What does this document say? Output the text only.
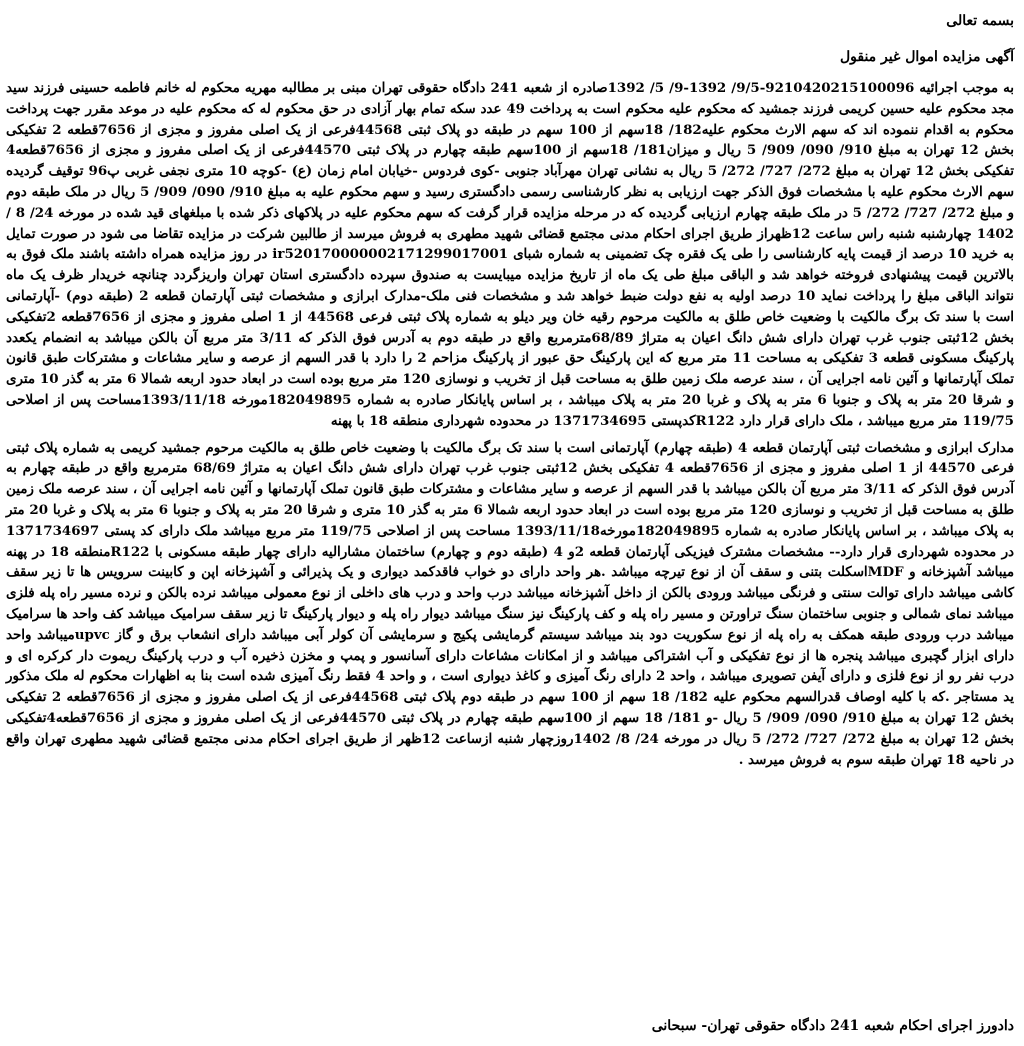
بسمه تعالی

آگهی مزایده اموال غیر منقول

به موجب اجرائیه 9210420215100096-9/5/ 1392-9/ 5/ 1392صادره از شعبه 241 دادگاه حقوقی تهران مبنی بر مطالبه مهریه محکوم له خانم فاطمه حسینی فرزند سید مجد محکوم علیه حسین کریمی فرزند جمشید که محکوم علیه محکوم است به پرداخت 49 عدد سکه تمام بهار آزادی در حق محکوم له که محکوم علیه در موعد مقرر جهت پرداخت محکوم به اقدام ننموده اند که سهم الارث محکوم علیه182/ 18سهم از 100 سهم در طبقه دو پلاک ثبتی 44568فرعی از یک اصلی مفروز و مجزی از 7656قطعه 2 تفکیکی بخش 12 تهران به مبلغ 910/ 090/ 909/ 5 ریال و میزان181/ 18سهم از 100سهم طبقه چهارم در پلاک ثبتی 44570فرعی از یک اصلی مفروز و مجزی از 7656قطعه4 تفکیکی بخش 12 تهران به مبلغ 272/ 727/ 272/ 5 ریال به نشانی تهران مهرآباد جنوبی -کوی فردوس -خیابان امام زمان (ع) -کوچه 10 متری نجفی غربی پ96 توقیف گردیده سهم الارث محکوم علیه با مشخصات فوق الذکر جهت ارزیابی به نظر کارشناسی رسمی دادگستری رسید و سهم محکوم علیه به مبلغ 910/ 090/ 909/ 5 ریال در ملک طبقه دوم و مبلغ 272/ 727/ 272/ 5 در ملک طبقه چهارم ارزیابی گردیده که در مرحله مزایده قرار گرفت که سهم محکوم علیه در پلاکهای ذکر شده با مبلغهای قید شده در مورخه 24/ 8 / 1402 چهارشنبه شنبه راس ساعت 12ظهراز طریق اجرای احکام مدنی مجتمع قضائی شهید مطهری به فروش میرسد از طالبین شرکت در مزایده تقاضا می شود در صورت تمایل به خرید 10 درصد از قیمت پایه کارشناسی را طی یک فقره چک تضمینی به شماره شبای ir520170000002171299017001 در روز مزایده همراه داشته باشند ملک فوق به بالاترین قیمت پیشنهادی فروخته خواهد شد و الباقی مبلغ طی یک ماه از تاریخ مزایده میبایست به صندوق سپرده دادگستری استان تهران واریزگردد چنانچه خریدار ظرف یک ماه نتواند الباقی مبلغ را پرداخت نماید 10 درصد اولیه به نفع دولت ضبط خواهد شد و مشخصات فنی ملک-مدارک ابرازی و مشخصات ثبتی آپارتمان قطعه 2 (طبقه دوم) -آپارتمانی است با سند تک برگ مالکیت با وضعیت خاص طلق به مالکیت مرحوم رقیه خان ویر دیلو به شماره پلاک ثبتی فرعی 44568 از 1 اصلی مفروز و مجزی از 7656قطعه 2تفکیکی بخش 12ثبتی جنوب غرب تهران دارای شش دانگ اعیان به متراژ 68/89مترمربع واقع در طبقه دوم به آدرس فوق الذکر که 3/11 متر مربع آن بالکن میباشد به انضمام یکعدد پارکینگ مسکونی قطعه 3 تفکیکی به مساحت 11 متر مربع که این پارکینگ حق عبور از پارکینگ مزاحم 2 را دارد با قدر السهم از عرصه و سایر مشاعات و مشترکات طبق قانون تملک آپارتمانها و آئین نامه اجرایی آن ، سند عرصه ملک زمین طلق به مساحت قبل از تخریب و نوسازی 120 متر مربع بوده است در ابعاد حدود اربعه شمالا 6 متر به گذر 10 متری و شرقا 20 متر به پلاک و جنوبا 6 متر به پلاک و غربا 20 متر به پلاک میباشد ، بر اساس پایانکار صادره به شماره 182049895مورخه 1393/11/18مساحت پس از اصلاحی 119/75 متر مربع میباشد ، ملک دارای قرار دارد R122کدپستی 1371734695 در محدوده شهرداری منطقه 18 با پهنه

مدارک ابرازی و مشخصات ثبتی آپارتمان قطعه 4 (طبقه چهارم) آپارتمانی است با سند تک برگ مالکیت با وضعیت خاص طلق به مالکیت مرحوم جمشید کریمی به شماره پلاک ثبتی فرعی 44570 از 1 اصلی مفروز و مجزی از 7656قطعه 4 تفکیکی بخش 12ثبتی جنوب غرب تهران دارای شش دانگ اعیان به متراژ 68/69 مترمربع واقع در طبقه چهارم به آدرس فوق الذکر که 3/11 متر مربع آن بالکن میباشد با قدر السهم از عرصه و سایر مشاعات و مشترکات طبق قانون تملک آپارتمانها و آئین نامه اجرایی آن ، سند عرصه ملک زمین طلق به مساحت قبل از تخریب و نوسازی 120 متر مربع بوده است در ابعاد حدود اربعه شمالا 6 متر به گذر 10 متری و شرقا 20 متر به پلاک و جنوبا 6 متر به پلاک و غربا 20 متر به پلاک میباشد ، بر اساس پایانکار صادره به شماره 182049895مورخه1393/11/18 مساحت پس از اصلاحی 119/75 متر مربع میباشد ملک دارای کد پستی 1371734697 در محدوده شهرداری قرار دارد-- مشخصات مشترک فیزیکی آپارتمان قطعه 2و 4 (طبقه دوم و چهارم) ساختمان مشارالیه دارای چهار طبقه مسکونی با R122منطقه 18 در پهنه میباشد آشپزخانه و MDFاسکلت بتنی و سقف آن از نوع تیرچه میباشد .هر واحد دارای دو خواب فاقدکمد دیواری و یک پذیرائی و آشپزخانه اپن و کابینت سرویس ها تا زیر سقف کاشی میباشد دارای توالت سنتی و فرنگی میباشد ورودی بالکن از داخل آشپزخانه میباشد درب واحد و درب های داخلی از نوع معمولی میباشد نرده بالکن و نرده مسیر راه پله فلزی میباشد نمای شمالی و جنوبی ساختمان سنگ تراورتن و مسیر راه پله و کف پارکینگ نیز سنگ میباشد دیوار راه پله و دیوار پارکینگ تا زیر سقف سرامیک میباشد کف واحد ها سرامیک میباشد درب ورودی طبقه همکف به راه پله از نوع سکوریت دود بند میباشد سیستم گرمایشی پکیج و سرمایشی آن کولر آبی میباشد دارای انشعاب برق و گاز upvcمیباشد واحد دارای ابزار گچبری میباشد پنجره ها از نوع تفکیکی و آب اشتراکی میباشد و از امکانات مشاعات دارای آسانسور و پمپ و مخزن ذخیره آب و درب پارکینگ ریموت دار کرکره ای و درب نفر رو از نوع فلزی و دارای آیفن تصویری میباشد ، واحد 2 دارای رنگ آمیزی و کاغذ دیواری است ، و واحد 4 فقط رنگ آمیزی شده است بنا به اظهارات محکوم له ملک مذکور ید مستاجر .که با کلیه اوصاف قدرالسهم محکوم علیه 182/ 18 سهم از 100 سهم در طبقه دوم پلاک ثبتی 44568فرعی از یک اصلی مفروز و مجزی از 7656قطعه 2 تفکیکی بخش 12 تهران به مبلغ 910/ 090/ 909/ 5 ریال -و 181/ 18 سهم از 100سهم طبقه چهارم در پلاک ثبتی 44570فرعی از یک اصلی مفروز و مجزی از 7656قطعه4تفکیکی بخش 12 تهران به مبلغ 272/ 727/ 272/ 5 ریال در مورخه 24/ 8/ 1402روزچهار شنبه ازساعت 12ظهر از طریق اجرای احکام مدنی مجتمع قضائی شهید مطهری تهران واقع در ناحیه 18 تهران طبقه سوم به فروش میرسد .

دادورز اجرای احکام شعبه 241 دادگاه حقوقی تهران- سبحانی
